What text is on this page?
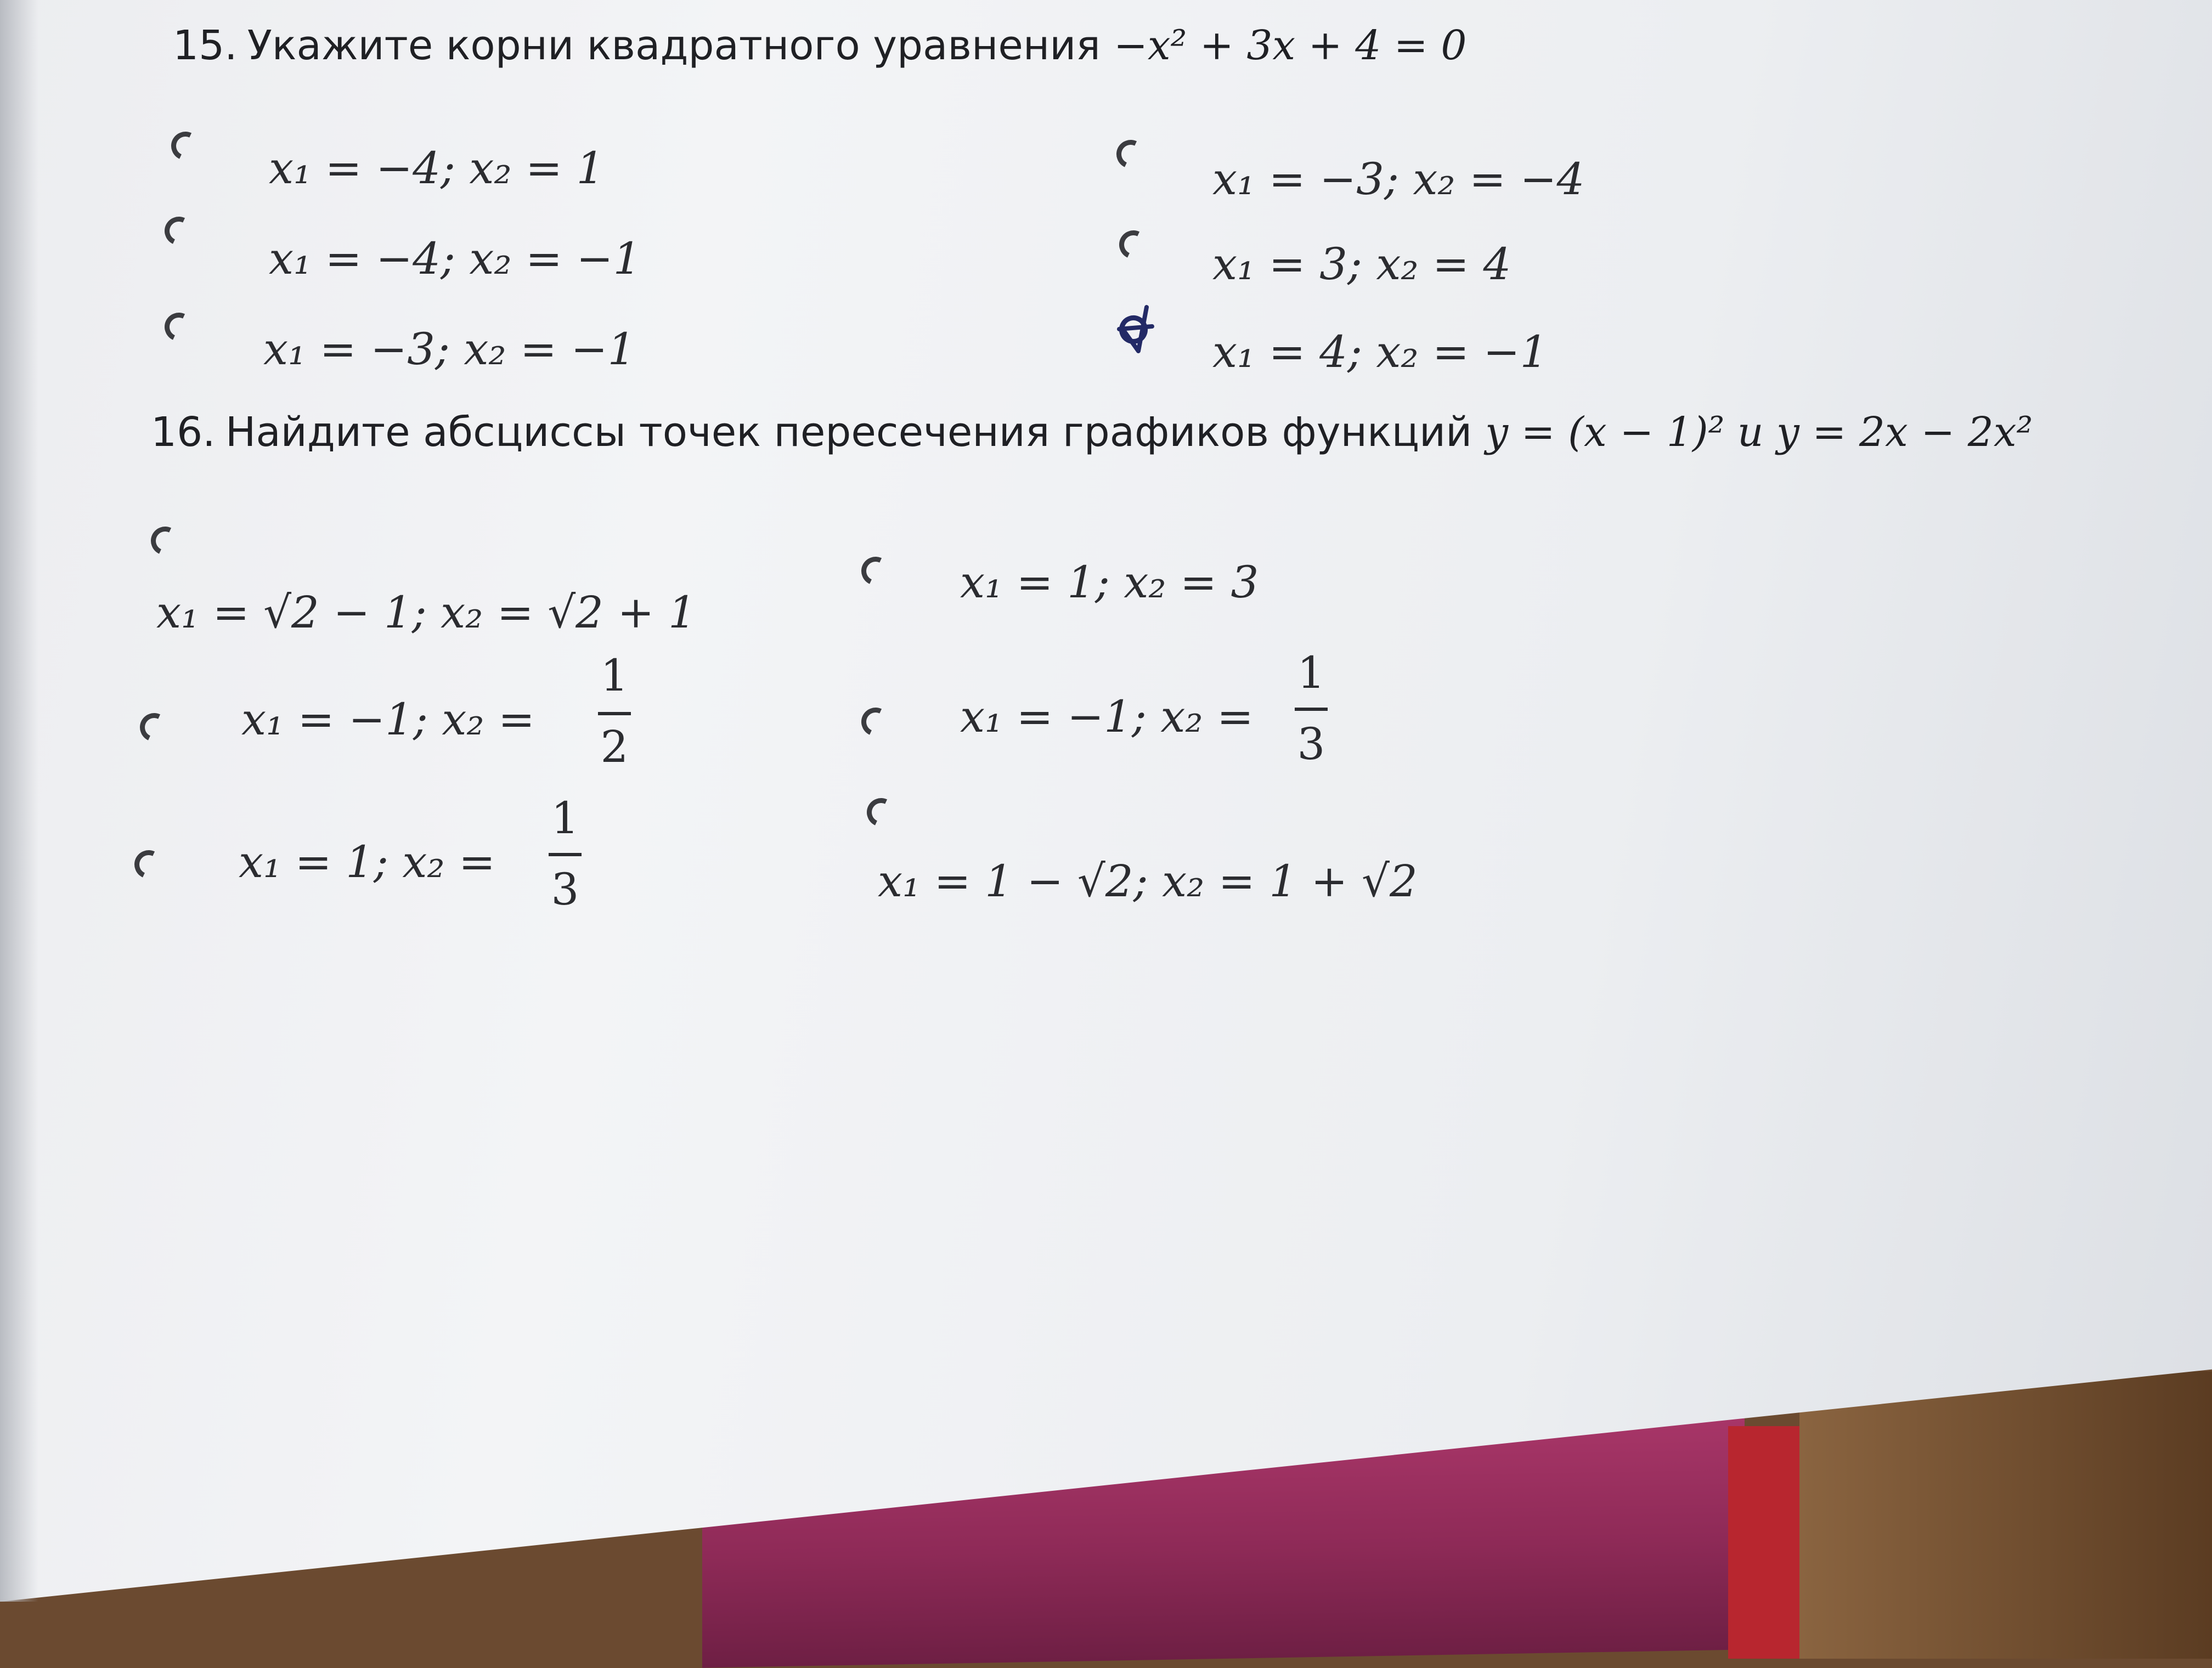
15. Укажите корни квадратного уравнения −x² + 3x + 4 = 0
x₁ = −4; x₂ = 1	x₁ = −3; x₂ = −4
x₁ = −4; x₂ = −1	x₁ = 3; x₂ = 4
x₁ = −3; x₂ = −1	x₁ = 4; x₂ = −1
16. Найдите абсциссы точек пересечения графиков функций y = (x − 1)² и y = 2x − 2x²
x₁ = √2 − 1; x₂ = √2 + 1
x₁ = 1; x₂ = 3
x₁ = −1; x₂ =
1
2
x₁ = −1; x₂ =
1
3
x₁ = 1; x₂ =
1
3	x₁ = 1 − √2; x₂ = 1 + √2
